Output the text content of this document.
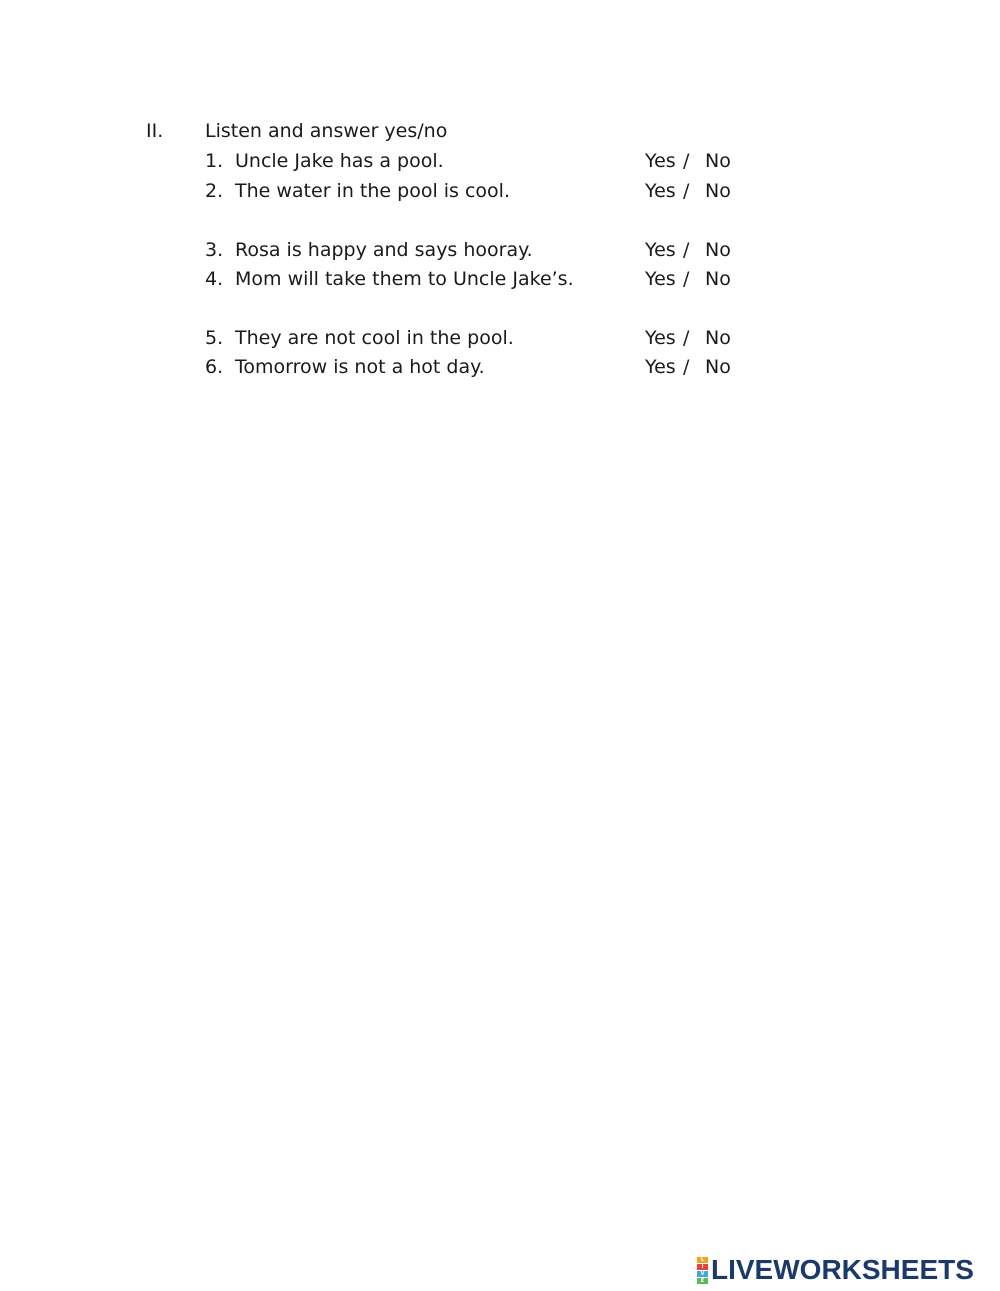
II. Listen and answer yes/no
1. Uncle Jake has a pool.	Yes / No
2. The water in the pool is cool.	Yes / No
3. Rosa is happy and says hooray.	Yes / No
4. Mom will take them to Uncle Jake’s.	Yes / No
5. They are not cool in the pool.	Yes / No
6. Tomorrow is not a hot day.	Yes / No
L
I
V
E LIVEWORKSHEETS
